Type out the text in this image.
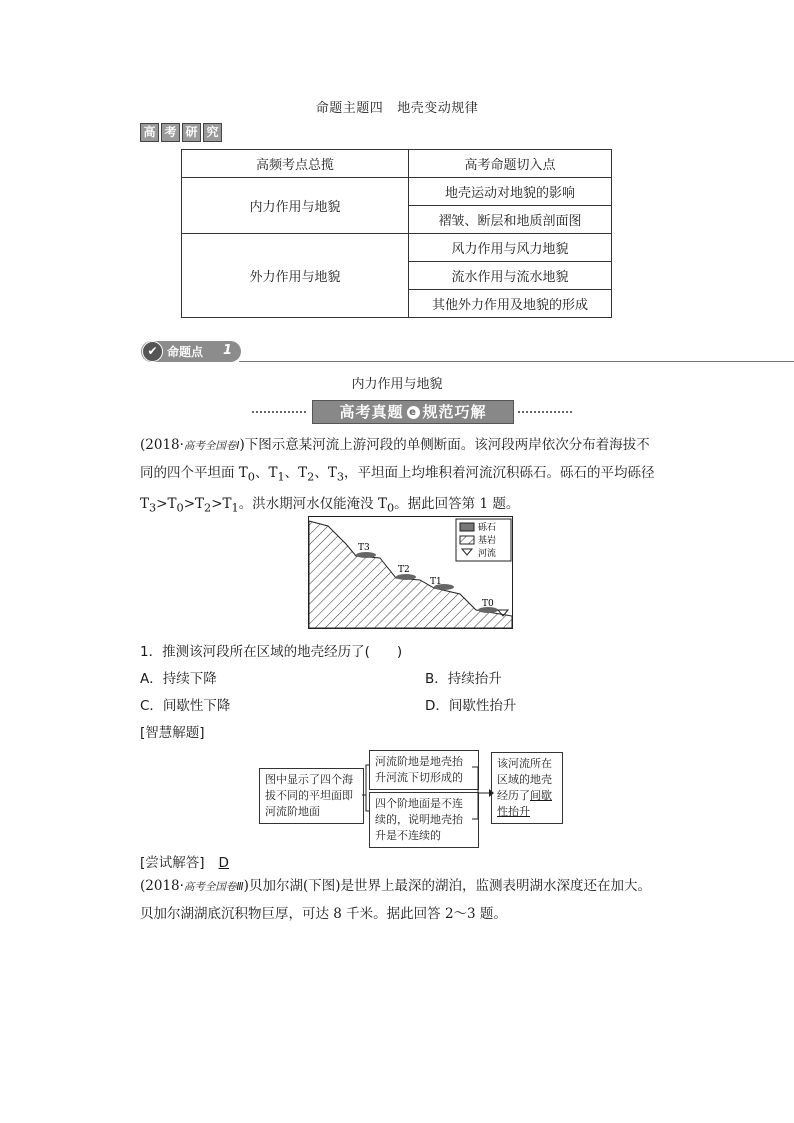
命题主题四 地壳变动规律
高 考 研 究
高频考点总揽	高考命题切入点
内力作用与地貌	地壳运动对地貌的影响
	褶皱、断层和地质剖面图
外力作用与地貌	风力作用与风力地貌
	流水作用与流水地貌
	其他外力作用及地貌的形成
✔ 命题点 1
内力作用与地貌
高考真题 e 规范巧解
(2018·高考全国卷Ⅰ)下图示意某河流上游河段的单侧断面。该河段两岸依次分布着海拔不同的四个平坦面 $T_0$、$T_1$、$T_2$、$T_3$，平坦面上均堆积着河流沉积砾石。砾石的平均砾径 $T_3>T_0>T_2>T_1$。洪水期河水仅能淹没 $T_0$。据此回答第 1 题。
T3
T2
T1
T0
砾石
基岩
河流
1．推测该河段所在区域的地壳经历了(　　)
A．持续下降	B．持续抬升
C．间歇性下降	D．间歇性抬升
[智慧解题]
图中显示了四个海拔不同的平坦面即河流阶地面
河流阶地是地壳抬升河流下切形成的
四个阶地面是不连续的，说明地壳抬升是不连续的
该河流所在区域的地壳经历了间歇性抬升
[尝试解答] D
(2018·高考全国卷Ⅲ)贝加尔湖(下图)是世界上最深的湖泊，监测表明湖水深度还在加大。贝加尔湖湖底沉积物巨厚，可达 8 千米。据此回答 2～3 题。
